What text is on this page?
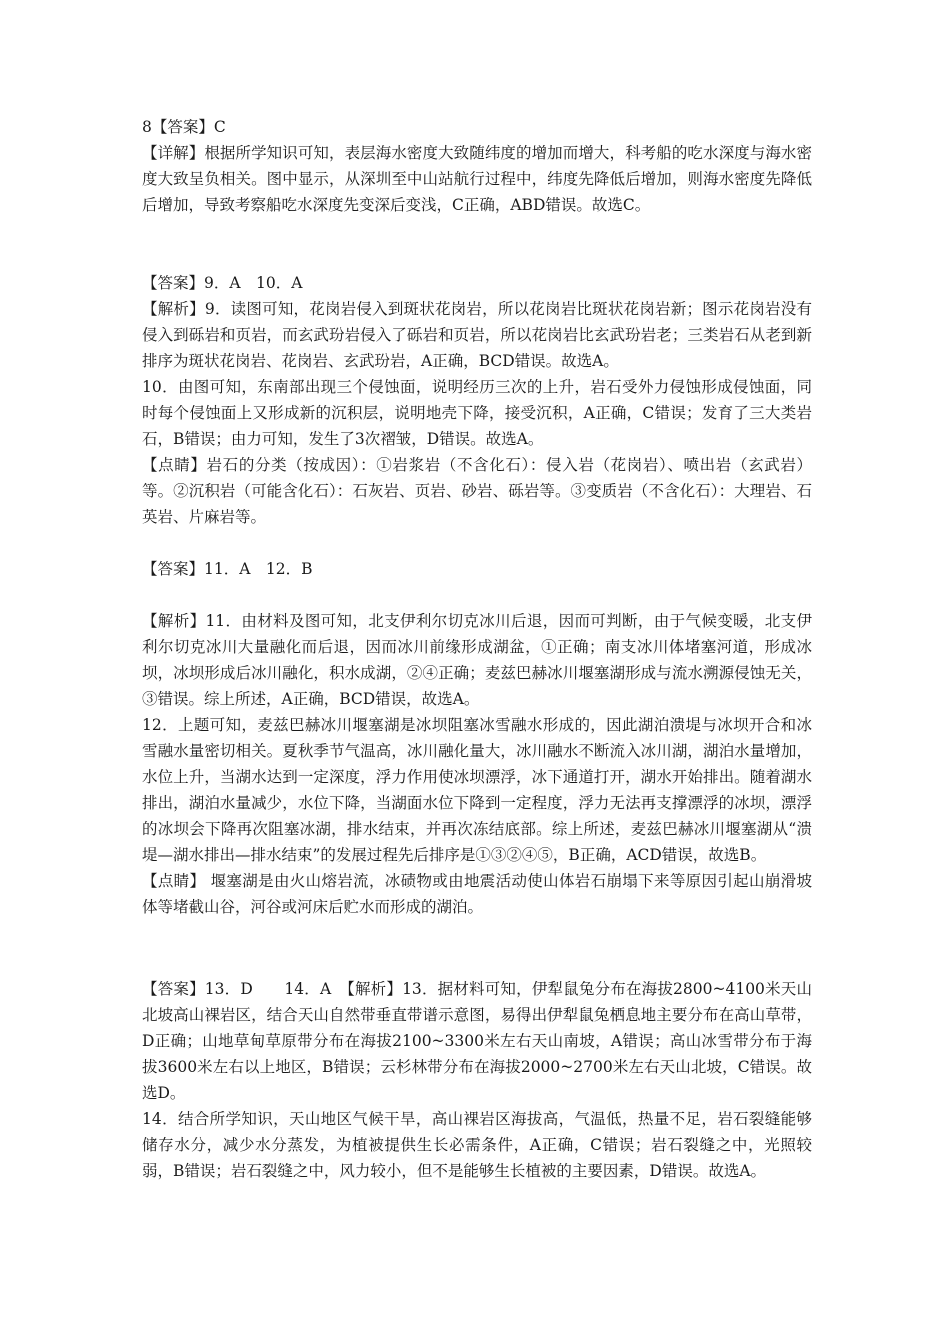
8【答案】C

【详解】根据所学知识可知，表层海水密度大致随纬度的增加而增大，科考船的吃水深度与海水密度大致呈负相关。图中显示，从深圳至中山站航行过程中，纬度先降低后增加，则海水密度先降低后增加，导致考察船吃水深度先变深后变浅，C正确，ABD错误。故选C。

【答案】9．A　10．A

【解析】9．读图可知，花岗岩侵入到斑状花岗岩，所以花岗岩比斑状花岗岩新；图示花岗岩没有侵入到砾岩和页岩，而玄武玢岩侵入了砾岩和页岩，所以花岗岩比玄武玢岩老；三类岩石从老到新排序为斑状花岗岩、花岗岩、玄武玢岩，A正确，BCD错误。故选A。

10．由图可知，东南部出现三个侵蚀面，说明经历三次的上升，岩石受外力侵蚀形成侵蚀面，同时每个侵蚀面上又形成新的沉积层，说明地壳下降，接受沉积，A正确，C错误；发育了三大类岩石，B错误；由力可知，发生了3次褶皱，D错误。故选A。

【点睛】岩石的分类（按成因）：①岩浆岩（不含化石）：侵入岩（花岗岩）、喷出岩（玄武岩）等。②沉积岩（可能含化石）：石灰岩、页岩、砂岩、砾岩等。③变质岩（不含化石）：大理岩、石英岩、片麻岩等。

【答案】11．A　12．B

【解析】11．由材料及图可知，北支伊利尔切克冰川后退，因而可判断，由于气候变暖，北支伊利尔切克冰川大量融化而后退，因而冰川前缘形成湖盆，①正确；南支冰川体堵塞河道，形成冰坝，冰坝形成后冰川融化，积水成湖，②④正确；麦兹巴赫冰川堰塞湖形成与流水溯源侵蚀无关，③错误。综上所述，A正确，BCD错误，故选A。

12．上题可知，麦兹巴赫冰川堰塞湖是冰坝阻塞冰雪融水形成的，因此湖泊溃堤与冰坝开合和冰雪融水量密切相关。夏秋季节气温高，冰川融化量大，冰川融水不断流入冰川湖，湖泊水量增加，水位上升，当湖水达到一定深度，浮力作用使冰坝漂浮，冰下通道打开，湖水开始排出。随着湖水排出，湖泊水量减少，水位下降，当湖面水位下降到一定程度，浮力无法再支撑漂浮的冰坝，漂浮的冰坝会下降再次阻塞冰湖，排水结束，并再次冻结底部。综上所述，麦兹巴赫冰川堰塞湖从“溃堤—湖水排出—排水结束”的发展过程先后排序是①③②④⑤，B正确，ACD错误，故选B。

【点睛】 堰塞湖是由火山熔岩流，冰碛物或由地震活动使山体岩石崩塌下来等原因引起山崩滑坡体等堵截山谷，河谷或河床后贮水而形成的湖泊。

【答案】13．D　　14．A　【解析】13．据材料可知，伊犁鼠兔分布在海拔2800~4100米天山北坡高山裸岩区，结合天山自然带垂直带谱示意图，易得出伊犁鼠兔栖息地主要分布在高山草带，D正确；山地草甸草原带分布在海拔2100~3300米左右天山南坡，A错误；高山冰雪带分布于海拔3600米左右以上地区，B错误；云杉林带分布在海拔2000~2700米左右天山北坡，C错误。故选D。

14．结合所学知识，天山地区气候干旱，高山裸岩区海拔高，气温低，热量不足，岩石裂缝能够储存水分，减少水分蒸发，为植被提供生长必需条件，A正确，C错误；岩石裂缝之中，光照较弱，B错误；岩石裂缝之中，风力较小，但不是能够生长植被的主要因素，D错误。故选A。
